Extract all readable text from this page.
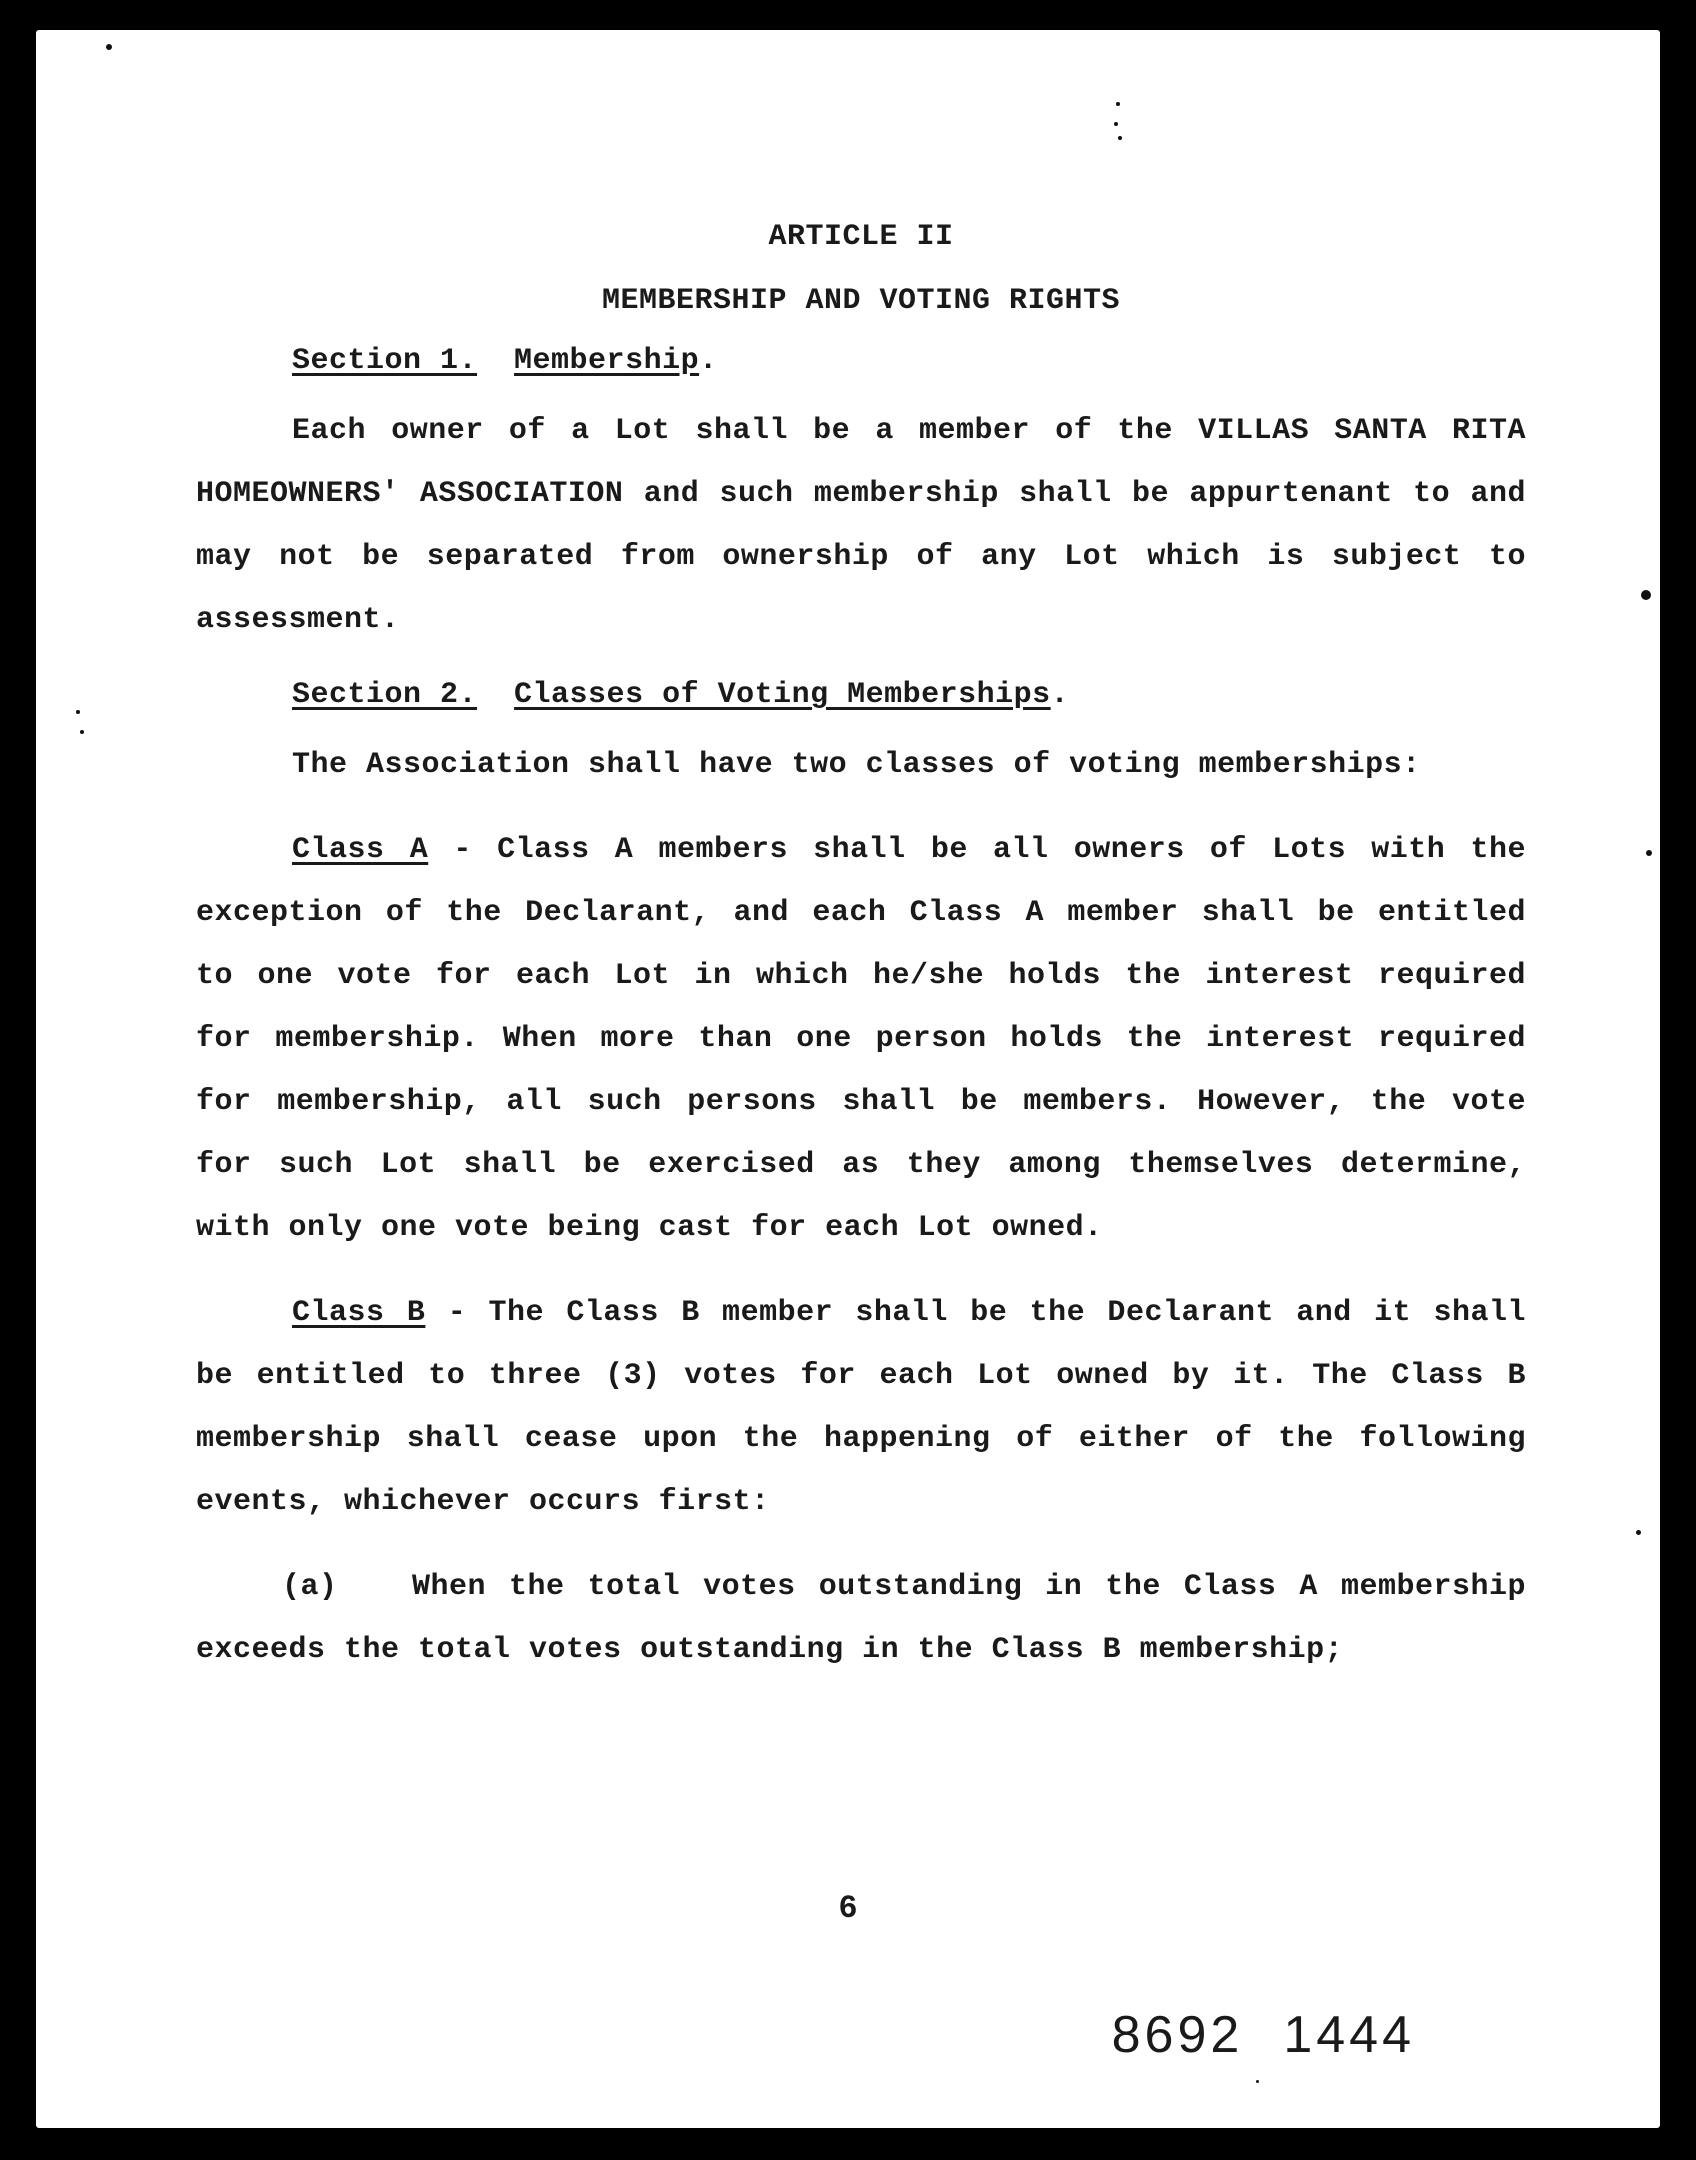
ARTICLE II
MEMBERSHIP AND VOTING RIGHTS
Section 1. Membership.

Each owner of a Lot shall be a member of the VILLAS SANTA RITA HOMEOWNERS' ASSOCIATION and such membership shall be appurtenant to and may not be separated from ownership of any Lot which is subject to assessment.

Section 2. Classes of Voting Memberships.

The Association shall have two classes of voting memberships:

Class A - Class A members shall be all owners of Lots with the exception of the Declarant, and each Class A member shall be entitled to one vote for each Lot in which he/she holds the interest required for membership. When more than one person holds the interest required for membership, all such persons shall be members. However, the vote for such Lot shall be exercised as they among themselves determine, with only one vote being cast for each Lot owned.

Class B - The Class B member shall be the Declarant and it shall be entitled to three (3) votes for each Lot owned by it. The Class B membership shall cease upon the happening of either of the following events, whichever occurs first:

(a) When the total votes outstanding in the Class A membership exceeds the total votes outstanding in the Class B membership;

6
8692 1444
